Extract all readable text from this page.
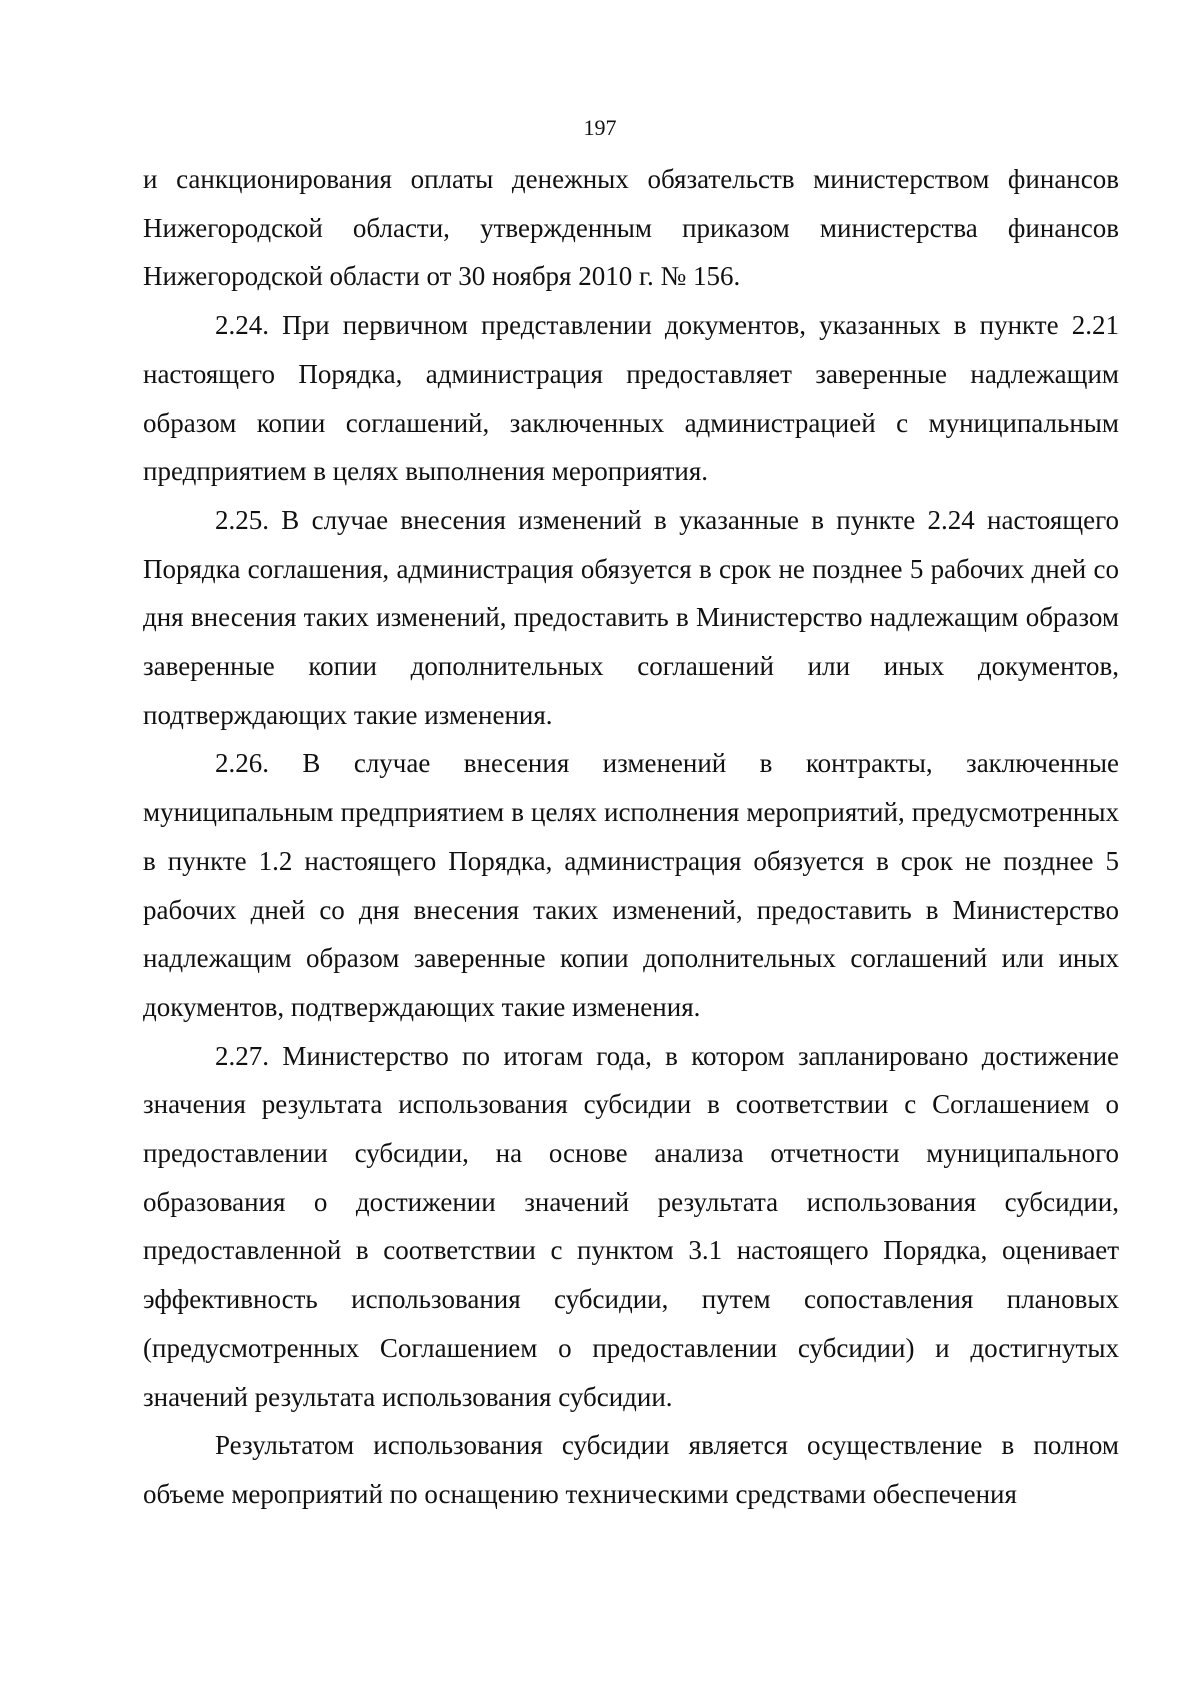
197

и санкционирования оплаты денежных обязательств министерством финансов Нижегородской области, утвержденным приказом министерства финансов Нижегородской области от 30 ноября 2010 г. № 156.

2.24. При первичном представлении документов, указанных в пункте 2.21 настоящего Порядка, администрация предоставляет заверенные надлежащим образом копии соглашений, заключенных администрацией с муниципальным предприятием в целях выполнения мероприятия.

2.25. В случае внесения изменений в указанные в пункте 2.24 настоящего Порядка соглашения, администрация обязуется в срок не позднее 5 рабочих дней со дня внесения таких изменений, предоставить в Министерство надлежащим образом заверенные копии дополнительных соглашений или иных документов, подтверждающих такие изменения.

2.26. В случае внесения изменений в контракты, заключенные муниципальным предприятием в целях исполнения мероприятий, предусмотренных в пункте 1.2 настоящего Порядка, администрация обязуется в срок не позднее 5 рабочих дней со дня внесения таких изменений, предоставить в Министерство надлежащим образом заверенные копии дополнительных соглашений или иных документов, подтверждающих такие изменения.

2.27. Министерство по итогам года, в котором запланировано достижение значения результата использования субсидии в соответствии с Соглашением о предоставлении субсидии, на основе анализа отчетности муниципального образования о достижении значений результата использования субсидии, предоставленной в соответствии с пунктом 3.1 настоящего Порядка, оценивает эффективность использования субсидии, путем сопоставления плановых (предусмотренных Соглашением о предоставлении субсидии) и достигнутых значений результата использования субсидии.

Результатом использования субсидии является осуществление в полном объеме мероприятий по оснащению техническими средствами обеспечения
